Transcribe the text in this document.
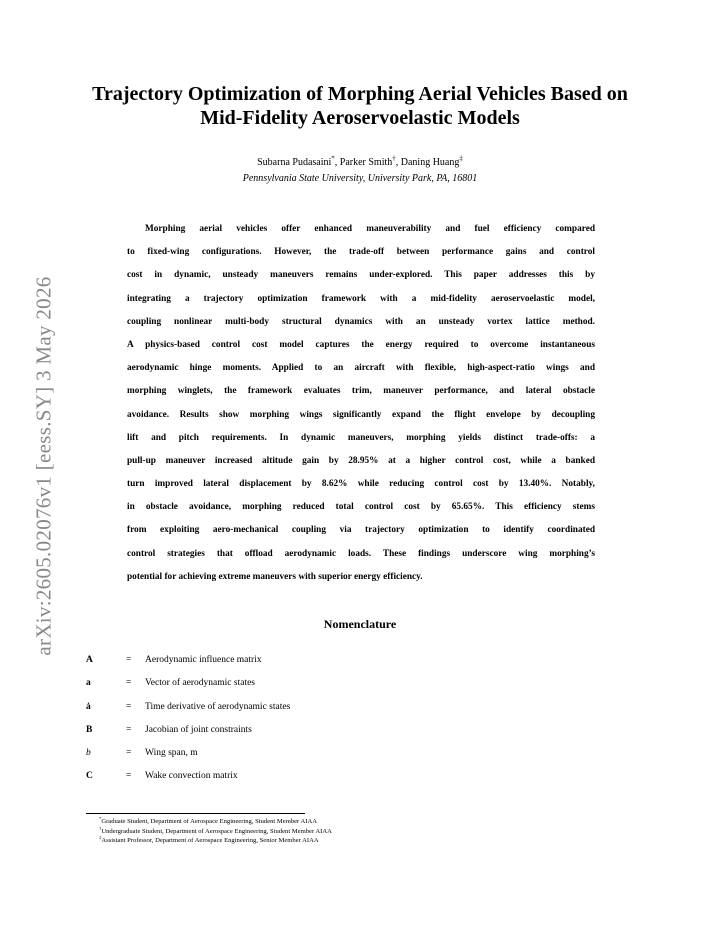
arXiv:2605.02076v1 [eess.SY] 3 May 2026
Trajectory Optimization of Morphing Aerial Vehicles Based on
Mid-Fidelity Aeroservoelastic Models
Subarna Pudasaini*, Parker Smith†, Daning Huang‡
Pennsylvania State University, University Park, PA, 16801
Morphing aerial vehicles offer enhanced maneuverability and fuel efficiency compared
to fixed-wing configurations. However, the trade-off between performance gains and control
cost in dynamic, unsteady maneuvers remains under-explored. This paper addresses this by
integrating a trajectory optimization framework with a mid-fidelity aeroservoelastic model,
coupling nonlinear multi-body structural dynamics with an unsteady vortex lattice method.
A physics-based control cost model captures the energy required to overcome instantaneous
aerodynamic hinge moments. Applied to an aircraft with flexible, high-aspect-ratio wings and
morphing winglets, the framework evaluates trim, maneuver performance, and lateral obstacle
avoidance. Results show morphing wings significantly expand the flight envelope by decoupling
lift and pitch requirements. In dynamic maneuvers, morphing yields distinct trade-offs: a
pull-up maneuver increased altitude gain by 28.95% at a higher control cost, while a banked
turn improved lateral displacement by 8.62% while reducing control cost by 13.40%. Notably,
in obstacle avoidance, morphing reduced total control cost by 65.65%. This efficiency stems
from exploiting aero-mechanical coupling via trajectory optimization to identify coordinated
control strategies that offload aerodynamic loads. These findings underscore wing morphing’s
potential for achieving extreme maneuvers with superior energy efficiency.
Nomenclature
A	= Aerodynamic influence matrix
a	= Vector of aerodynamic states
ȧ	= Time derivative of aerodynamic states
B	= Jacobian of joint constraints
b	= Wing span, m
C	= Wake convection matrix
*Graduate Student, Department of Aerospace Engineering, Student Member AIAA
†Undergraduate Student, Department of Aerospace Engineering, Student Member AIAA
‡Assistant Professor, Department of Aerospace Engineering, Senior Member AIAA
